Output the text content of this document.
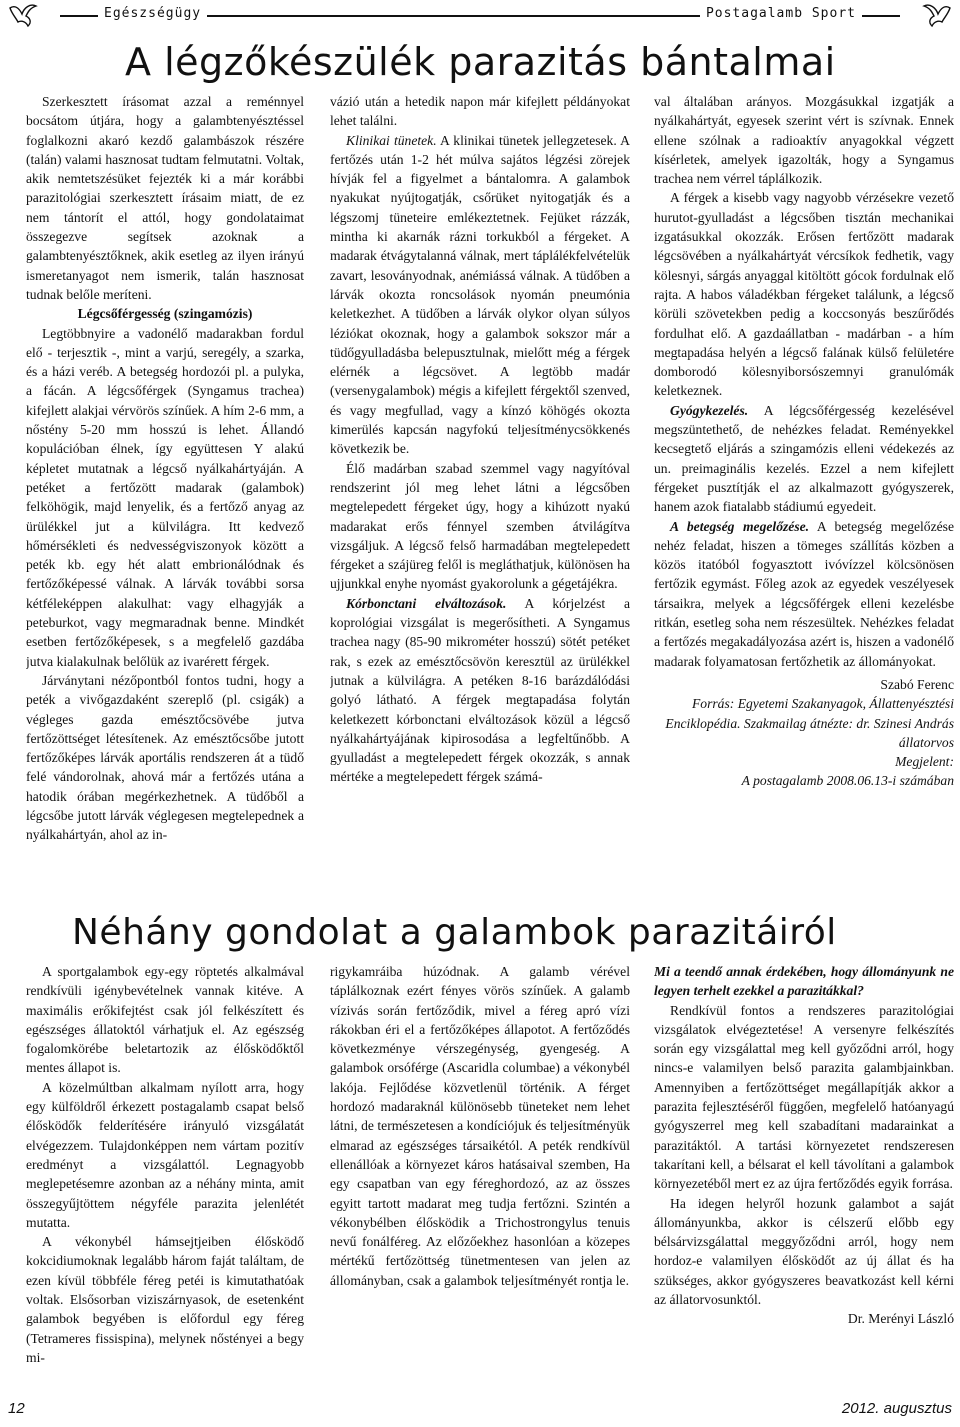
Egészségügy	Postagalamb Sport
A légzőkészülék parazitás bántalmai

Szerkesztett írásomat azzal a reménnyel bocsátom útjára, hogy a galambtenyésztéssel foglalkozni akaró kezdő galambászok részére (talán) valami hasznosat tudtam felmutatni. Voltak, akik nemtetszésüket fejezték ki a már korábbi parazitológiai szerkesztett írásaim miatt, de ez nem tántorít el attól, hogy gondolataimat összegezve segítsek azoknak a galambtenyésztőknek, akik esetleg az ilyen irányú ismeretanyagot nem ismerik, talán hasznosat tudnak belőle meríteni.

Légcsőférgesség (szingamózis)

Legtöbbnyire a vadonélő madarakban fordul elő - terjesztik -, mint a varjú, seregély, a szarka, és a házi veréb. A betegség hordozói pl. a pulyka, a fácán. A légcsőférgek (Syngamus trachea) kifejlett alakjai vérvörös színűek. A hím 2-6 mm, a nőstény 5-20 mm hosszú is lehet. Állandó kopulációban élnek, így együttesen Y alakú képletet mutatnak a légcső nyálkahártyáján. A petéket a fertőzött madarak (galambok) felköhögik, majd lenyelik, és a fertőző anyag az ürülékkel jut a külvilágra. Itt kedvező hőmérsékleti és nedvességviszonyok között a peték kb. egy hét alatt embrionálódnak és fertőzőképessé válnak. A lárvák további sorsa kétféleképpen alakulhat: vagy elhagyják a peteburkot, vagy megmaradnak benne. Mindkét esetben fertőzőképesek, s a megfelelő gazdába jutva kialakulnak belőlük az ivarérett férgek.

Járványtani nézőpontból fontos tudni, hogy a peték a vivőgazdaként szereplő (pl. csigák) a végleges gazda emésztőcsövébe jutva fertőzöttséget létesítenek. Az emésztőcsőbe jutott fertőzőképes lárvák aportális rendszeren át a tüdő felé vándorolnak, ahová már a fertőzés utána a hatodik órában megérkezhetnek. A tüdőből a légcsőbe jutott lárvák véglegesen megtelepednek a nyálkahártyán, ahol az in-

vázió után a hetedik napon már kifejlett példányokat lehet találni.

Klinikai tünetek. A klinikai tünetek jellegzetesek. A fertőzés után 1-2 hét múlva sajátos légzési zörejek hívják fel a figyelmet a bántalomra. A galambok nyakukat nyújtogatják, csőrüket nyitogatják és a légszomj tüneteire emlékeztetnek. Fejüket rázzák, mintha ki akarnák rázni torkukból a férgeket. A madarak étvágytalanná válnak, mert táplálékfelvételük zavart, lesoványodnak, anémiássá válnak. A tüdőben a lárvák okozta roncsolások nyomán pneumónia keletkezhet. A tüdőben a lárvák olykor olyan súlyos léziókat okoznak, hogy a galambok sokszor már a tüdőgyulladásba belepusztulnak, mielőtt még a férgek elérnék a légcsövet. A legtöbb madár (versenygalambok) mégis a kifejlett férgektől szenved, és vagy megfullad, vagy a kínzó köhögés okozta kimerülés kapcsán nagyfokú teljesítménycsökkenés következik be.

Élő madárban szabad szemmel vagy nagyítóval rendszerint jól meg lehet látni a légcsőben megtelepedett férgeket úgy, hogy a kihúzott nyakú madarakat erős fénnyel szemben átvilágítva vizsgáljuk. A légcső felső harmadában megtelepedett férgeket a szájüreg felől is megláthatjuk, különösen ha ujjunkkal enyhe nyomást gyakorolunk a gégetájékra.

Kórbonctani elváltozások. A kórjelzést a koprológiai vizsgálat is megerősítheti. A Syngamus trachea nagy (85-90 mikrométer hosszú) sötét petéket rak, s ezek az emésztőcsövön keresztül az ürülékkel jutnak a külvilágra. A petéken 8-16 barázdálódási golyó látható. A férgek megtapadása folytán keletkezett kórbonctani elváltozások közül a légcső nyálkahártyájának kipirosodása a legfeltűnőbb. A gyulladást a megtelepedett férgek okozzák, s annak mértéke a megtelepedett férgek számá-

val általában arányos. Mozgásukkal izgatják a nyálkahártyát, egyesek szerint vért is szívnak. Ennek ellene szólnak a radioaktív anyagokkal végzett kísérletek, amelyek igazolták, hogy a Syngamus trachea nem vérrel táplálkozik.

A férgek a kisebb vagy nagyobb vérzésekre vezető hurutot-gyulladást a légcsőben tisztán mechanikai izgatásukkal okozzák. Erősen fertőzött madarak légcsövében a nyálkahártyát vércsíkok fedhetik, vagy kölesnyi, sárgás anyaggal kitöltött gócok fordulnak elő rajta. A habos váladékban férgeket találunk, a légcső körüli szövetekben pedig a koccsonyás beszűrődés fordulhat elő. A gazdaállatban - madárban - a hím megtapadása helyén a légcső falának külső felületére domborodó kölesnyiborsószemnyi granulómák keletkeznek.

Gyógykezelés. A légcsőférgesség kezelésével megszüntethető, de nehézkes feladat. Reményekkel kecsegtető eljárás a szingamózis elleni védekezés az un. preimaginális kezelés. Ezzel a nem kifejlett férgeket pusztítják el az alkalmazott gyógyszerek, hanem azok fiatalabb stádiumú egyedeit.

A betegség megelőzése. A betegség megelőzése nehéz feladat, hiszen a tömeges szállítás közben a közös itatóból fogyasztott ivóvízzel kölcsönösen fertőzik egymást. Főleg azok az egyedek veszélyesek társaikra, melyek a légcsőférgek elleni kezelésbe ritkán, esetleg soha nem részesültek. Nehézkes feladat a fertőzés megakadályozása azért is, hiszen a vadonélő madarak folyamatosan fertőzhetik az állományokat.

Szabó Ferenc

Forrás: Egyetemi Szakanyagok, Állattenyésztési Enciklopédia. Szakmailag átnézte: dr. Szinesi András állatorvos

Megjelent:

A postagalamb 2008.06.13-i számában

Néhány gondolat a galambok parazitáiról

A sportgalambok egy-egy röptetés alkalmával rendkívüli igénybevételnek vannak kitéve. A maximális erőkifejtést csak jól felkészített és egészséges állatoktól várhatjuk el. Az egészség fogalomkörébe beletartozik az élősködőktől mentes állapot is.

A közelmúltban alkalmam nyílott arra, hogy egy külföldről érkezett postagalamb csapat belső élősködők felderítésére irányuló vizsgálatát elvégezzem. Tulajdonképpen nem vártam pozitív eredményt a vizsgálattól. Legnagyobb meglepetésemre azonban az a néhány minta, amit összegyűjtöttem négyféle parazita jelenlétét mutatta.

A vékonybél hámsejtjeiben élősködő kokcidiumoknak legalább három faját találtam, de ezen kívül többféle féreg petéi is kimutathatóak voltak. Elsősorban viziszárnyasok, de esetenként galambok begyében is előfordul egy féreg (Tetrameres fissispina), melynek nőstényei a begy mi-

rigykamráiba húzódnak. A galamb vérével táplálkoznak ezért fényes vörös színűek. A galamb vízivás során fertőződik, mivel a féreg apró vízi rákokban éri el a fertőzőképes állapotot. A fertőződés következménye vérszegénység, gyengeség. A galambok orsóférge (Ascaridla columbae) a vékonybél lakója. Fejlődése közvetlenül történik. A férget hordozó madaraknál különösebb tüneteket nem lehet látni, de természetesen a kondíciójuk és teljesítményük elmarad az egészséges társaikétól. A peték rendkívül ellenállóak a környezet káros hatásaival szemben, Ha egy csapatban van egy féreghordozó, az az összes egyitt tartott madarat meg tudja fertőzni. Szintén a vékonybélben élősködik a Trichostrongylus tenuis nevű fonálféreg. Az előzőekhez hasonlóan a közepes mértékű fertőzöttség tünetmentesen van jelen az állományban, csak a galambok teljesítményét rontja le.

Mi a teendő annak érdekében, hogy állományunk ne legyen terhelt ezekkel a parazitákkal?

Rendkívül fontos a rendszeres parazitológiai vizsgálatok elvégeztetése! A versenyre felkészítés során egy vizsgálattal meg kell győződni arról, hogy nincs-e valamilyen belső parazita galambjainkban. Amennyiben a fertőzöttséget megállapítják akkor a parazita fejlesztéséről függően, megfelelő hatóanyagú gyógyszerrel meg kell szabadítani madarainkat a parazitáktól. A tartási környezetet rendszeresen takarítani kell, a bélsarat el kell távolítani a galambok környezetéből mert ez az újra fertőződés egyik forrása.

Ha idegen helyről hozunk galambot a saját állományunkba, akkor is célszerű előbb egy bélsárvizsgálattal meggyőződni arról, hogy nem hordoz-e valamilyen élősködőt az új állat és ha szükséges, akkor gyógyszeres beavatkozást kell kérni az állatorvosunktól.

Dr. Merényi László

12	2012. augusztus
